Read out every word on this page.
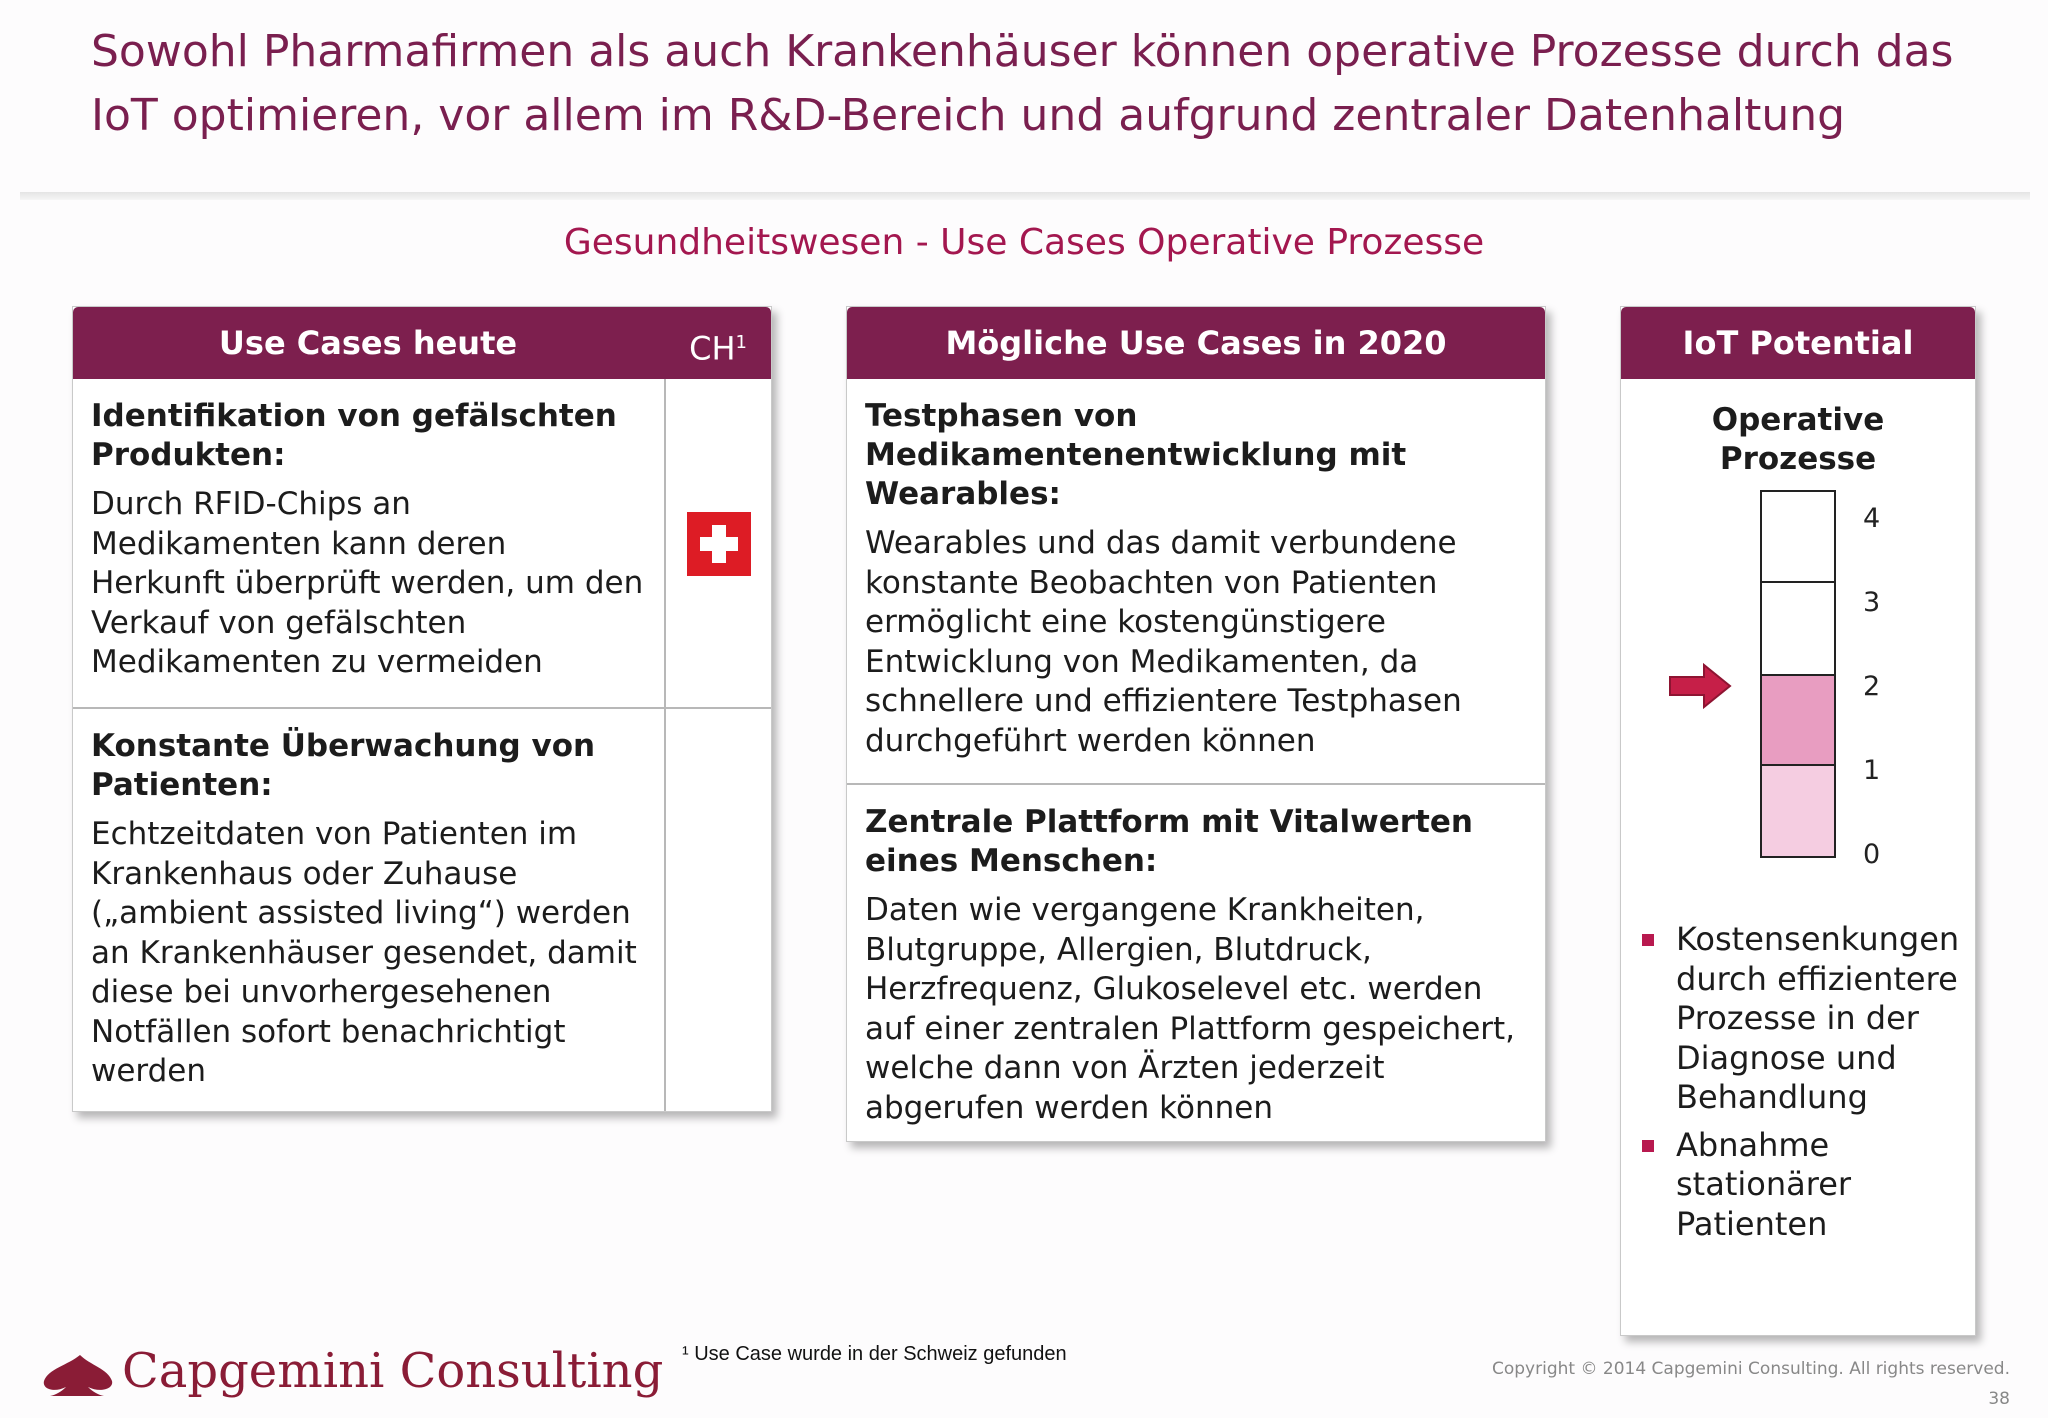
Sowohl Pharmafirmen als auch Krankenhäuser können operative Prozesse durch das IoT optimieren, vor allem im R&D-Bereich und aufgrund zentraler Datenhaltung
Gesundheitswesen - Use Cases Operative Prozesse
Use Cases heute	$CH^1$
Identifikation von gefälschten Produkten:
Durch RFID-Chips an Medikamenten kann deren Herkunft überprüft werden, um den Verkauf von gefälschten Medikamenten zu vermeiden
Konstante Überwachung von Patienten:
Echtzeitdaten von Patienten im Krankenhaus oder Zuhause („ambient assisted living“) werden an Krankenhäuser gesendet, damit diese bei unvorhergesehenen Notfällen sofort benachrichtigt werden
Mögliche Use Cases in 2020
Testphasen von Medikamentenentwicklung mit Wearables:
Wearables und das damit verbundene konstante Beobachten von Patienten ermöglicht eine kostengünstigere Entwicklung von Medikamenten, da schnellere und effizientere Testphasen durchgeführt werden können
Zentrale Plattform mit Vitalwerten eines Menschen:
Daten wie vergangene Krankheiten, Blutgruppe, Allergien, Blutdruck, Herzfrequenz, Glukoselevel etc. werden auf einer zentralen Plattform gespeichert, welche dann von Ärzten jederzeit abgerufen werden können
IoT Potential
Operative Prozesse
4
3
2
1
0
Kostensenkungen durch effizientere Prozesse in der Diagnose und Behandlung
Abnahme stationärer Patienten
¹ Use Case wurde in der Schweiz gefunden
Copyright © 2014 Capgemini Consulting. All rights reserved.
38
Capgemini Consulting
